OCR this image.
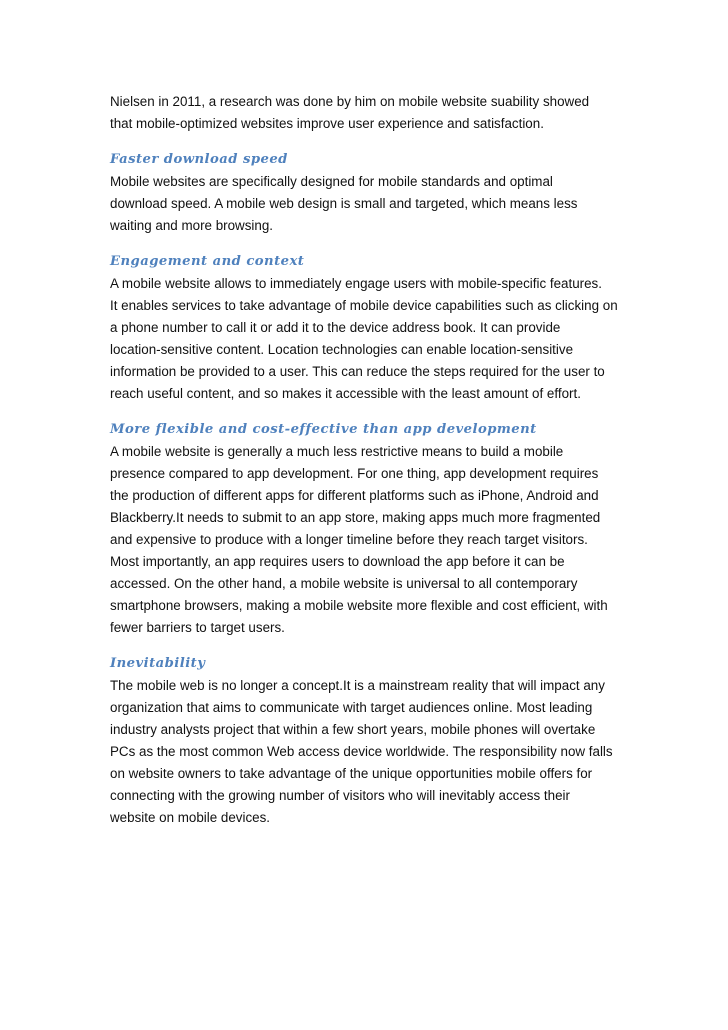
Nielsen in 2011, a research was done by him on mobile website suability showed
that mobile-optimized websites improve user experience and satisfaction.

Faster download speed

Mobile websites are specifically designed for mobile standards and optimal
download speed. A mobile web design is small and targeted, which means less
waiting and more browsing.

Engagement and context

A mobile website allows to immediately engage users with mobile-specific features.
It enables services to take advantage of mobile device capabilities such as clicking on
a phone number to call it or add it to the device address book. It can provide
location-sensitive content. Location technologies can enable location-sensitive
information be provided to a user. This can reduce the steps required for the user to
reach useful content, and so makes it accessible with the least amount of effort.

More flexible and cost-effective than app development

A mobile website is generally a much less restrictive means to build a mobile
presence compared to app development. For one thing, app development requires
the production of different apps for different platforms such as iPhone, Android and
Blackberry.It needs to submit to an app store, making apps much more fragmented
and expensive to produce with a longer timeline before they reach target visitors.
Most importantly, an app requires users to download the app before it can be
accessed. On the other hand, a mobile website is universal to all contemporary
smartphone browsers, making a mobile website more flexible and cost efficient, with
fewer barriers to target users.

Inevitability

The mobile web is no longer a concept.It is a mainstream reality that will impact any
organization that aims to communicate with target audiences online. Most leading
industry analysts project that within a few short years, mobile phones will overtake
PCs as the most common Web access device worldwide. The responsibility now falls
on website owners to take advantage of the unique opportunities mobile offers for
connecting with the growing number of visitors who will inevitably access their
website on mobile devices.
